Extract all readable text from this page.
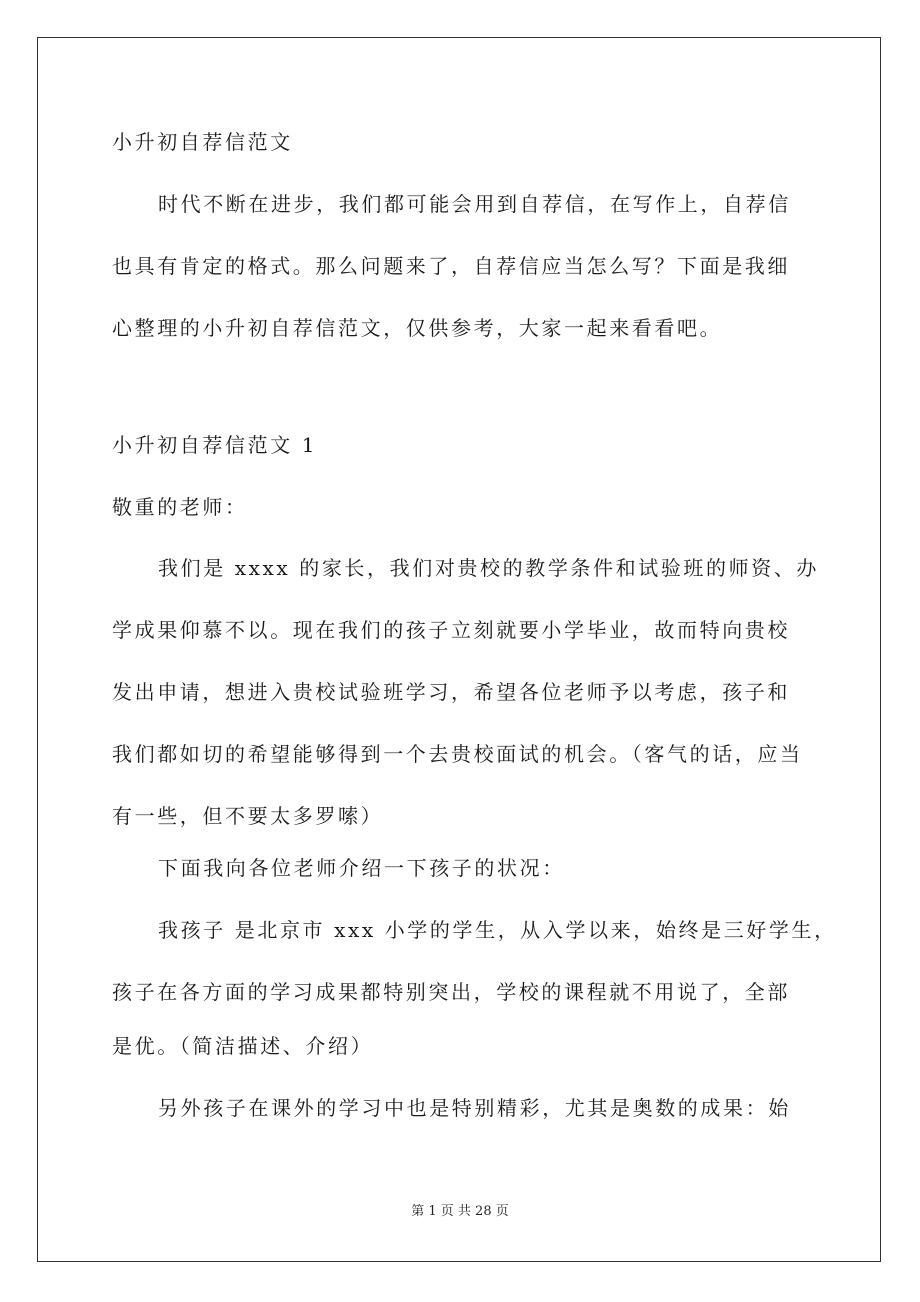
小升初自荐信范文
时代不断在进步，我们都可能会用到自荐信，在写作上，自荐信
也具有肯定的格式。那么问题来了，自荐信应当怎么写？下面是我细
心整理的小升初自荐信范文，仅供参考，大家一起来看看吧。
小升初自荐信范文 1
敬重的老师：
我们是 xxxx 的家长，我们对贵校的教学条件和试验班的师资、办
学成果仰慕不以。现在我们的孩子立刻就要小学毕业，故而特向贵校
发出申请，想进入贵校试验班学习，希望各位老师予以考虑，孩子和
我们都如切的希望能够得到一个去贵校面试的机会。（客气的话，应当
有一些，但不要太多罗嗦）
下面我向各位老师介绍一下孩子的状况：
我孩子 是北京市 xxx 小学的学生，从入学以来，始终是三好学生，
孩子在各方面的学习成果都特别突出，学校的课程就不用说了，全部
是优。（简洁描述、介绍）
另外孩子在课外的学习中也是特别精彩，尤其是奥数的成果：始
第 1 页 共 28 页
